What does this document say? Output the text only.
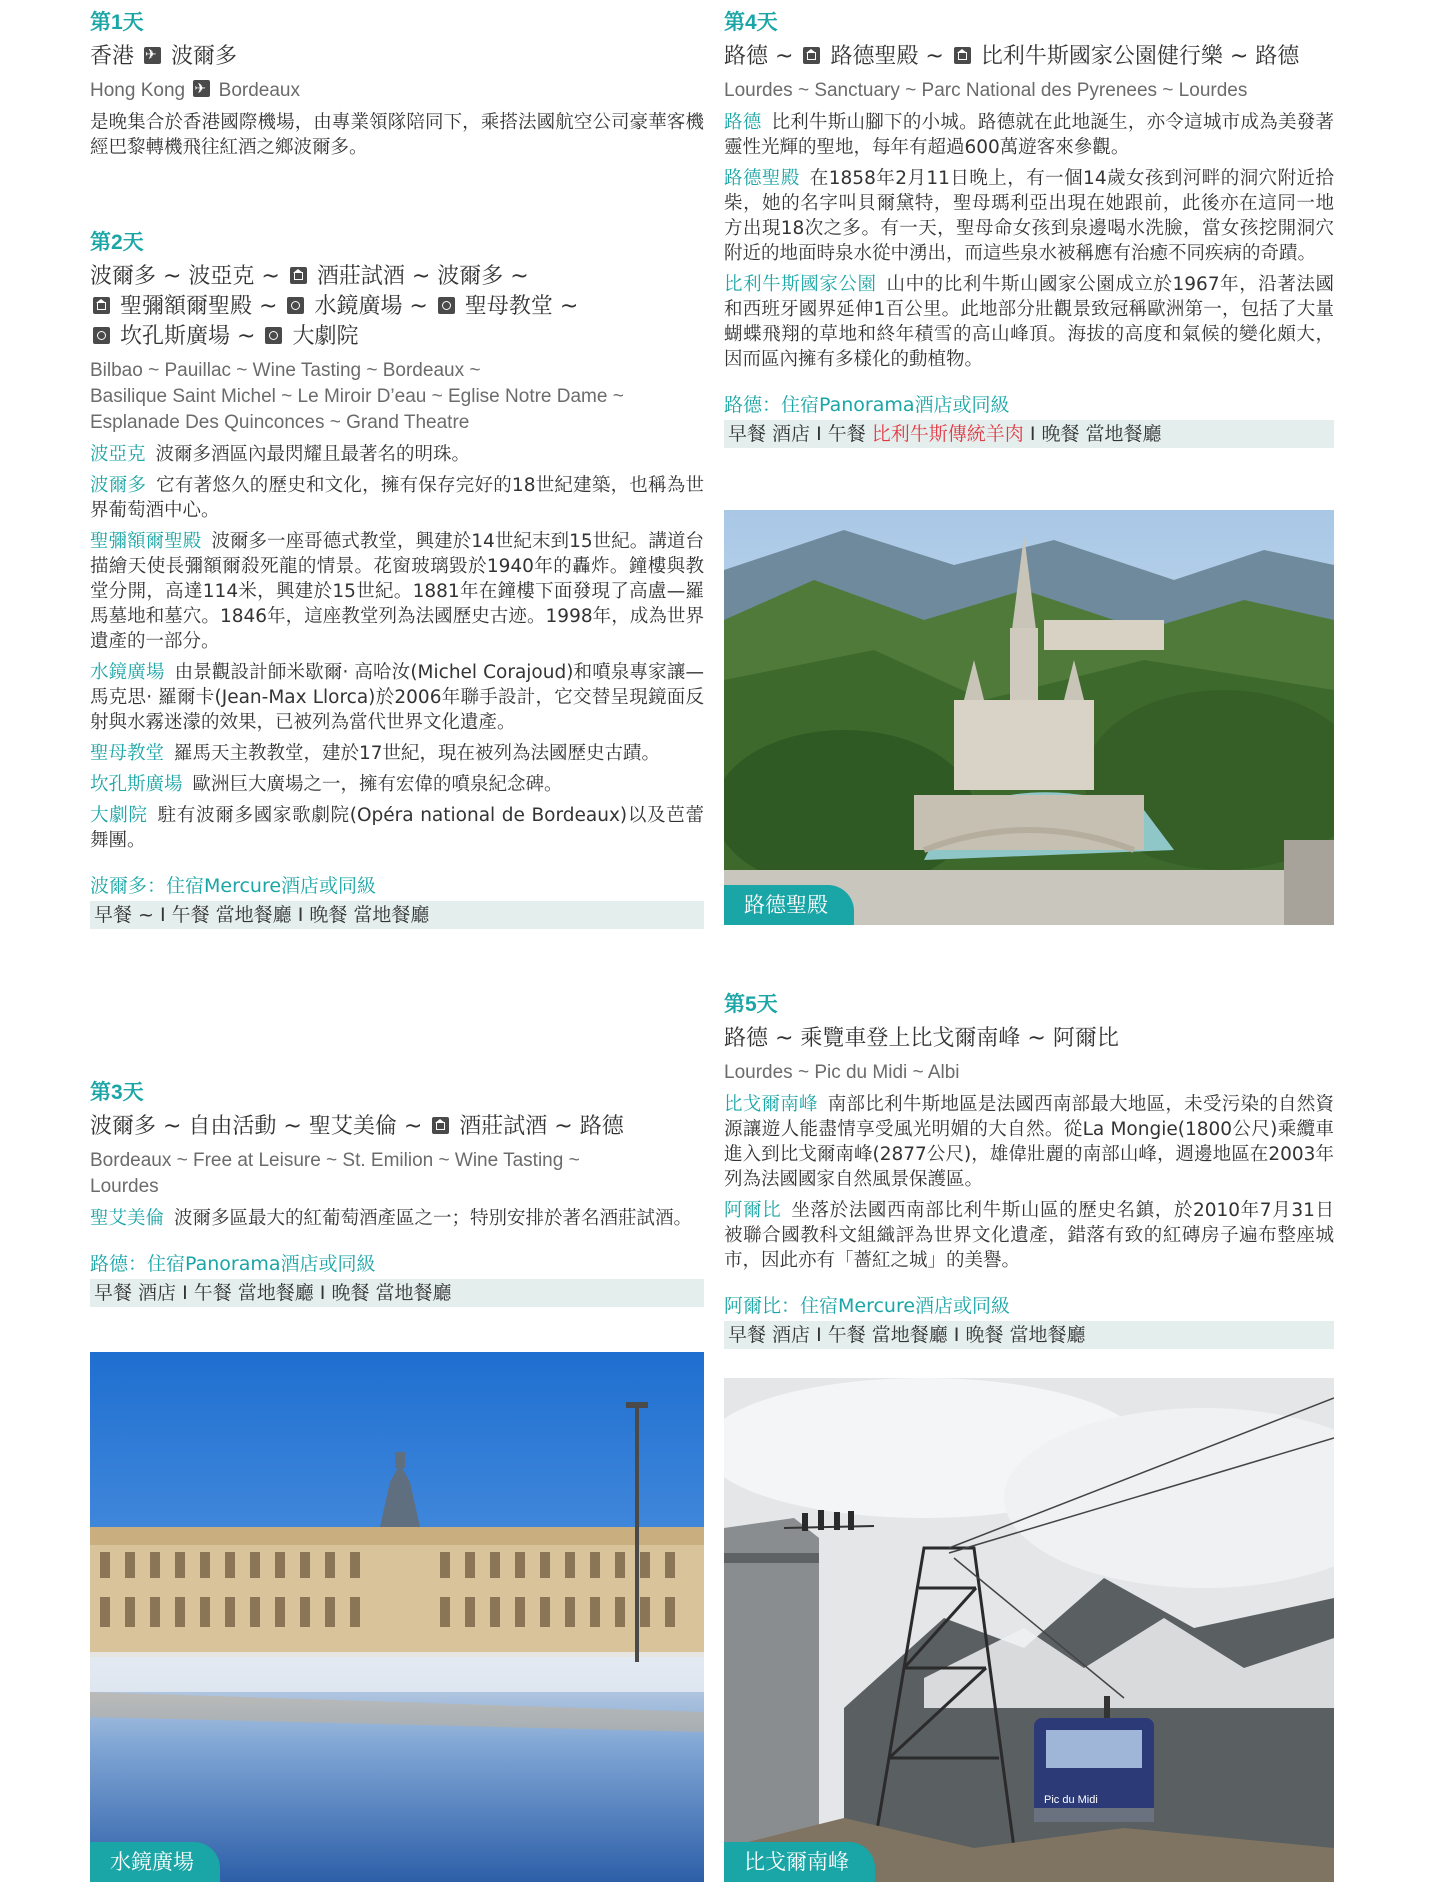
第1天
香港 ✈ 波爾多
Hong Kong ✈ Bordeaux
是晚集合於香港國際機場，由專業領隊陪同下，乘搭法國航空公司豪華客機經巴黎轉機飛往紅酒之鄉波爾多。
第2天
波爾多 ~ 波亞克 ~ 酒莊試酒 ~ 波爾多 ~
聖彌額爾聖殿 ~ 水鏡廣場 ~ 聖母教堂 ~
坎孔斯廣場 ~ 大劇院
Bilbao ~ Pauillac ~ Wine Tasting ~ Bordeaux ~
Basilique Saint Michel ~ Le Miroir D’eau ~ Eglise Notre Dame ~
Esplanade Des Quinconces ~ Grand Theatre
波亞克 波爾多酒區內最閃耀且最著名的明珠。
波爾多 它有著悠久的歷史和文化，擁有保存完好的18世紀建築，也稱為世界葡萄酒中心。
聖彌額爾聖殿 波爾多一座哥德式教堂，興建於14世紀末到15世紀。講道台描繪天使長彌額爾殺死龍的情景。花窗玻璃毀於1940年的轟炸。鐘樓與教堂分開，高達114米，興建於15世紀。1881年在鐘樓下面發現了高盧—羅馬墓地和墓穴。1846年，這座教堂列為法國歷史古迹。1998年，成為世界遺產的一部分。
水鏡廣場 由景觀設計師米歇爾· 高哈汝(Michel Corajoud)和噴泉專家讓—馬克思· 羅爾卡(Jean-Max Llorca)於2006年聯手設計，它交替呈現鏡面反射與水霧迷濛的效果，已被列為當代世界文化遺產。
聖母教堂 羅馬天主教教堂，建於17世紀，現在被列為法國歷史古蹟。
坎孔斯廣場 歐洲巨大廣場之一，擁有宏偉的噴泉紀念碑。
大劇院 駐有波爾多國家歌劇院(Opéra national de Bordeaux)以及芭蕾舞團。
波爾多：住宿Mercure酒店或同級
早餐 ~ I 午餐 當地餐廳 I 晚餐 當地餐廳
第3天
波爾多 ~ 自由活動 ~ 聖艾美倫 ~ 酒莊試酒 ~ 路德
Bordeaux ~ Free at Leisure ~ St. Emilion ~ Wine Tasting ~
Lourdes
聖艾美倫 波爾多區最大的紅葡萄酒產區之一；特別安排於著名酒莊試酒。
路德：住宿Panorama酒店或同級
早餐 酒店 I 午餐 當地餐廳 I 晚餐 當地餐廳
水鏡廣場
第4天
路德 ~ 路德聖殿 ~ 比利牛斯國家公園健行樂 ~ 路德
Lourdes ~ Sanctuary ~ Parc National des Pyrenees ~ Lourdes
路德 比利牛斯山腳下的小城。路德就在此地誕生，亦令這城市成為美發著靈性光輝的聖地，每年有超過600萬遊客來參觀。
路德聖殿 在1858年2月11日晚上，有一個14歲女孩到河畔的洞穴附近拾柴，她的名字叫貝爾黛特，聖母瑪利亞出現在她跟前，此後亦在這同一地方出現18次之多。有一天，聖母命女孩到泉邊喝水洗臉，當女孩挖開洞穴附近的地面時泉水從中湧出，而這些泉水被稱應有治癒不同疾病的奇蹟。
比利牛斯國家公園 山中的比利牛斯山國家公園成立於1967年，沿著法國和西班牙國界延伸1百公里。此地部分壯觀景致冠稱歐洲第一，包括了大量蝴蝶飛翔的草地和終年積雪的高山峰頂。海拔的高度和氣候的變化頗大，因而區內擁有多樣化的動植物。
路德：住宿Panorama酒店或同級
早餐 酒店 I 午餐 比利牛斯傳統羊肉 I 晚餐 當地餐廳
路德聖殿
第5天
路德 ~ 乘覽車登上比戈爾南峰 ~ 阿爾比
Lourdes ~ Pic du Midi ~ Albi
比戈爾南峰 南部比利牛斯地區是法國西南部最大地區，未受污染的自然資源讓遊人能盡情享受風光明媚的大自然。從La Mongie(1800公尺)乘纜車進入到比戈爾南峰(2877公尺)，雄偉壯麗的南部山峰，週邊地區在2003年列為法國國家自然風景保護區。
阿爾比 坐落於法國西南部比利牛斯山區的歷史名鎮，於2010年7月31日被聯合國教科文組織評為世界文化遺產，錯落有致的紅磚房子遍布整座城市，因此亦有「薔紅之城」的美譽。
阿爾比：住宿Mercure酒店或同級
早餐 酒店 I 午餐 當地餐廳 I 晚餐 當地餐廳
Pic du Midi
比戈爾南峰
